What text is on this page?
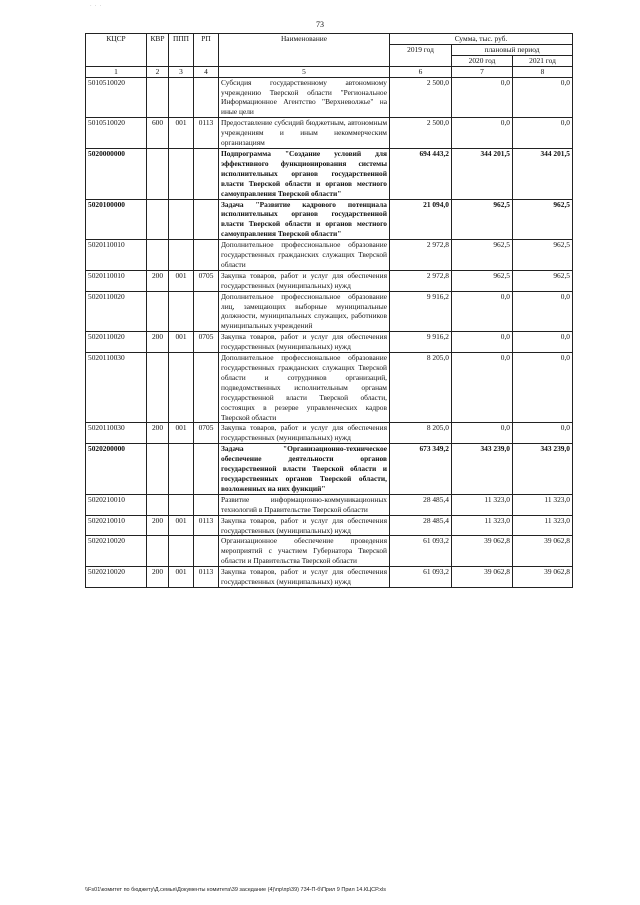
· · ·
73
КЦСР	КВР	ППП	РП	Наименование	Сумма, тыс. руб.		
					2019 год	плановый период	
						2020 год	2021 год
1	2	3	4	5	6	7	8
5010510020				Субсидия государственному автономному учреждению Тверской области "Региональное Информационное Агентство "Верхневолжье" на иные цели	2 500,0	0,0	0,0
5010510020	600	001	0113	Предоставление субсидий бюджетным, автономным учреждениям и иным некоммерческим организациям	2 500,0	0,0	0,0
5020000000				Подпрограмма "Создание условий для эффективного функционирования системы исполнительных органов государственной власти Тверской области и органов местного самоуправления Тверской области"	694 443,2	344 201,5	344 201,5
5020100000				Задача "Развитие кадрового потенциала исполнительных органов государственной власти Тверской области и органов местного самоуправления Тверской области"	21 094,0	962,5	962,5
5020110010				Дополнительное профессиональное образование государственных гражданских служащих Тверской области	2 972,8	962,5	962,5
5020110010	200	001	0705	Закупка товаров, работ и услуг для обеспечения государственных (муниципальных) нужд	2 972,8	962,5	962,5
5020110020				Дополнительное профессиональное образование лиц, замещающих выборные муниципальные должности, муниципальных служащих, работников муниципальных учреждений	9 916,2	0,0	0,0
5020110020	200	001	0705	Закупка товаров, работ и услуг для обеспечения государственных (муниципальных) нужд	9 916,2	0,0	0,0
5020110030				Дополнительное профессиональное образование государственных гражданских служащих Тверской области и сотрудников организаций, подведомственных исполнительным органам государственной власти Тверской области, состоящих в резерве управленческих кадров Тверской области	8 205,0	0,0	0,0
5020110030	200	001	0705	Закупка товаров, работ и услуг для обеспечения государственных (муниципальных) нужд	8 205,0	0,0	0,0
5020200000				Задача "Организационно-техническое обеспечение деятельности органов государственной власти Тверской области и государственных органов Тверской области, возложенных на них функций"	673 349,2	343 239,0	343 239,0
5020210010				Развитие информационно-коммуникационных технологий в Правительстве Тверской области	28 485,4	11 323,0	11 323,0
5020210010	200	001	0113	Закупка товаров, работ и услуг для обеспечения государственных (муниципальных) нужд	28 485,4	11 323,0	11 323,0
5020210020				Организационное обеспечение проведения мероприятий с участием Губернатора Тверской области и Правительства Тверской области	61 093,2	39 062,8	39 062,8
5020210020	200	001	0113	Закупка товаров, работ и услуг для обеспечения государственных (муниципальных) нужд	61 093,2	39 062,8	39 062,8
\\Fs01\комитет по бюджету\Д.семья\Документы комитета\39 заседание (4)\пр\пр\39) 734-П-б\Прил 9 Прил 14.КЦСР.xls
